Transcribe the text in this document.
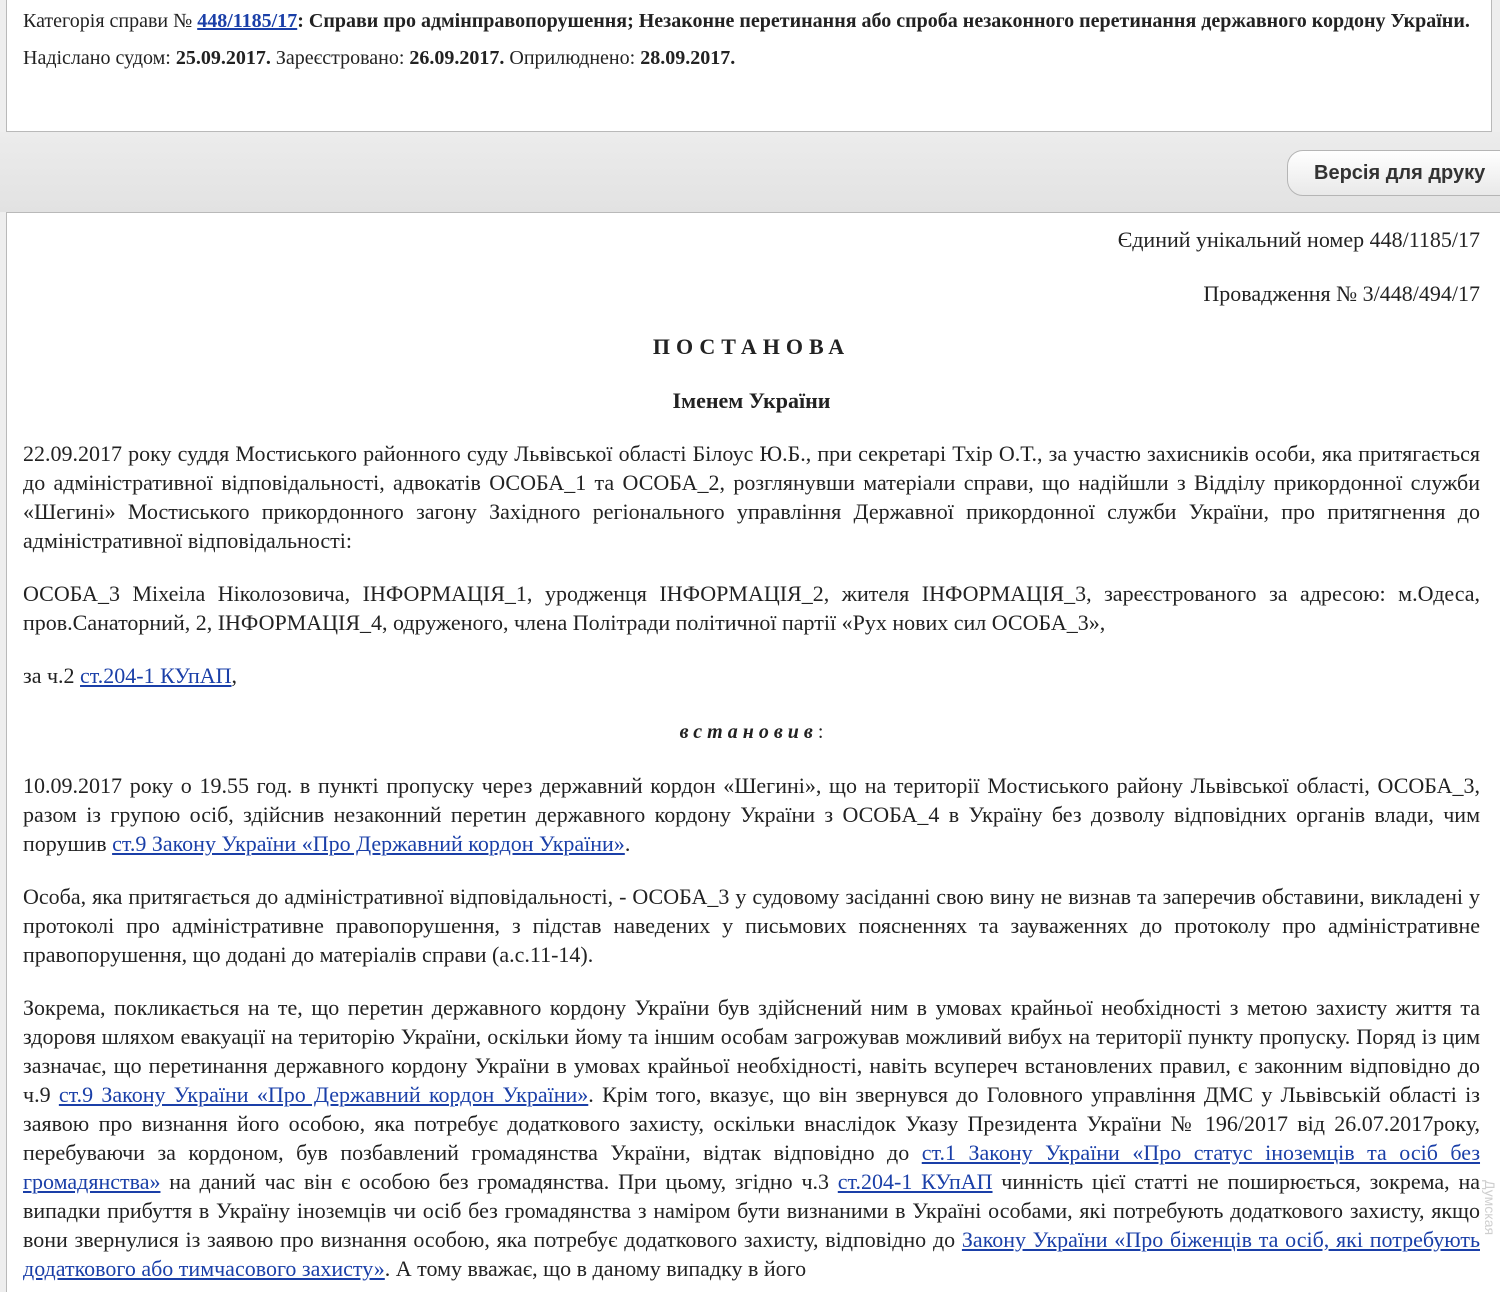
Категорія справи № 448/1185/17: Справи про адмінправопорушення; Незаконне перетинання або спроба незаконного перетинання державного кордону України.
Надіслано судом: 25.09.2017. Зареєстровано: 26.09.2017. Оприлюднено: 28.09.2017.
Версія для друку

Єдиний унікальний номер 448/1185/17

Провадження № 3/448/494/17

ПОСТАНОВА

Іменем України

22.09.2017 року суддя Мостиського районного суду Львівської області Білоус Ю.Б., при секретарі Тхір О.Т., за участю захисників особи, яка притягається до адміністративної відповідальності, адвокатів ОСОБА_1 та ОСОБА_2, розглянувши матеріали справи, що надійшли з Відділу прикордонної служби «Шегині» Мостиського прикордонного загону Західного регіонального управління Державної прикордонної служби України, про притягнення до адміністративної відповідальності:

ОСОБА_3 Міхеіла Ніколозовича, ІНФОРМАЦІЯ_1, уродженця ІНФОРМАЦІЯ_2, жителя ІНФОРМАЦІЯ_3, зареєстрованого за адресою: м.Одеса, пров.Санаторний, 2, ІНФОРМАЦІЯ_4, одруженого, члена Політради політичної партії «Рух нових сил ОСОБА_3»,

за ч.2 ст.204-1 КУпАП,

встановив:

10.09.2017 року о 19.55 год. в пункті пропуску через державний кордон «Шегині», що на території Мостиського району Львівської області, ОСОБА_3, разом із групою осіб, здійснив незаконний перетин державного кордону України з ОСОБА_4 в Україну без дозволу відповідних органів влади, чим порушив ст.9 Закону України «Про Державний кордон України».

Особа, яка притягається до адміністративної відповідальності, - ОСОБА_3 у судовому засіданні свою вину не визнав та заперечив обставини, викладені у протоколі про адміністративне правопорушення, з підстав наведених у письмових поясненнях та зауваженнях до протоколу про адміністративне правопорушення, що додані до матеріалів справи (а.с.11-14).

Зокрема, покликається на те, що перетин державного кордону України був здійснений ним в умовах крайньої необхідності з метою захисту життя та здоровя шляхом евакуації на територію України, оскільки йому та іншим особам загрожував можливий вибух на території пункту пропуску. Поряд із цим зазначає, що перетинання державного кордону України в умовах крайньої необхідності, навіть всупереч встановлених правил, є законним відповідно до ч.9 ст.9 Закону України «Про Державний кордон України». Крім того, вказує, що він звернувся до Головного управління ДМС у Львівській області із заявою про визнання його особою, яка потребує додаткового захисту, оскільки внаслідок Указу Президента України № 196/2017 від 26.07.2017року, перебуваючи за кордоном, був позбавлений громадянства України, відтак відповідно до ст.1 Закону України «Про статус іноземців та осіб без громадянства» на даний час він є особою без громадянства. При цьому, згідно ч.3 ст.204-1 КУпАП чинність цієї статті не поширюється, зокрема, на випадки прибуття в Україну іноземців чи осіб без громадянства з наміром бути визнаними в Україні особами, які потребують додаткового захисту, якщо вони звернулися із заявою про визнання особою, яка потребує додаткового захисту, відповідно до Закону України «Про біженців та осіб, які потребують додаткового або тимчасового захисту». А тому вважає, що в даному випадку в його

Думская
